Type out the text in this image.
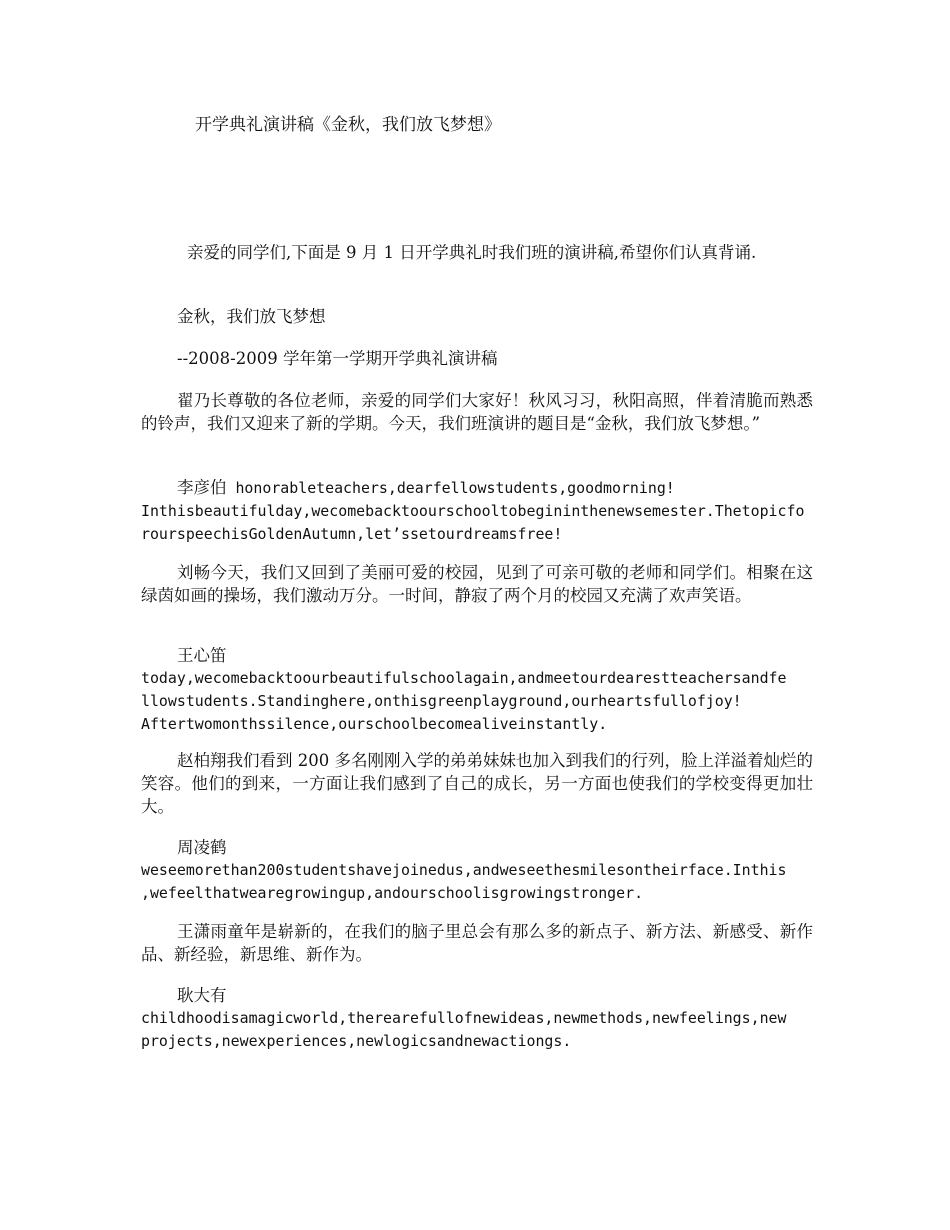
开学典礼演讲稿《金秋，我们放飞梦想》

亲爱的同学们,下面是 9 月 1 日开学典礼时我们班的演讲稿,希望你们认真背诵.

金秋，我们放飞梦想

--2008-2009 学年第一学期开学典礼演讲稿

翟乃长尊敬的各位老师，亲爱的同学们大家好！秋风习习，秋阳高照，伴着清脆而熟悉的铃声，我们又迎来了新的学期。今天，我们班演讲的题目是“金秋，我们放飞梦想。”

李彦伯 honorableteachers,dearfellowstudents,goodmorning!
Inthisbeautifulday,wecomebacktoourschooltobegininthenewsemester.Thetopicfo
rourspeechisGoldenAutumn,let’ssetourdreamsfree!

刘畅今天，我们又回到了美丽可爱的校园，见到了可亲可敬的老师和同学们。相聚在这绿茵如画的操场，我们激动万分。一时间，静寂了两个月的校园又充满了欢声笑语。

王心笛
today,wecomebacktoourbeautifulschoolagain,andmeetourdearestteachersandfe
llowstudents.Standinghere,onthisgreenplayground,ourheartsfullofjoy!
Aftertwomonthssilence,ourschoolbecomealiveinstantly.

赵柏翔我们看到 200 多名刚刚入学的弟弟妹妹也加入到我们的行列，脸上洋溢着灿烂的笑容。他们的到来，一方面让我们感到了自己的成长，另一方面也使我们的学校变得更加壮大。

周凌鹤
weseemorethan200studentshavejoinedus,andweseethesmilesontheirface.Inthis
,wefeelthatwearegrowingup,andourschoolisgrowingstronger.

王潇雨童年是崭新的，在我们的脑子里总会有那么多的新点子、新方法、新感受、新作品、新经验，新思维、新作为。

耿大有
childhoodisamagicworld,therearefullofnewideas,newmethods,newfeelings,new
projects,newexperiences,newlogicsandnewactiongs.
